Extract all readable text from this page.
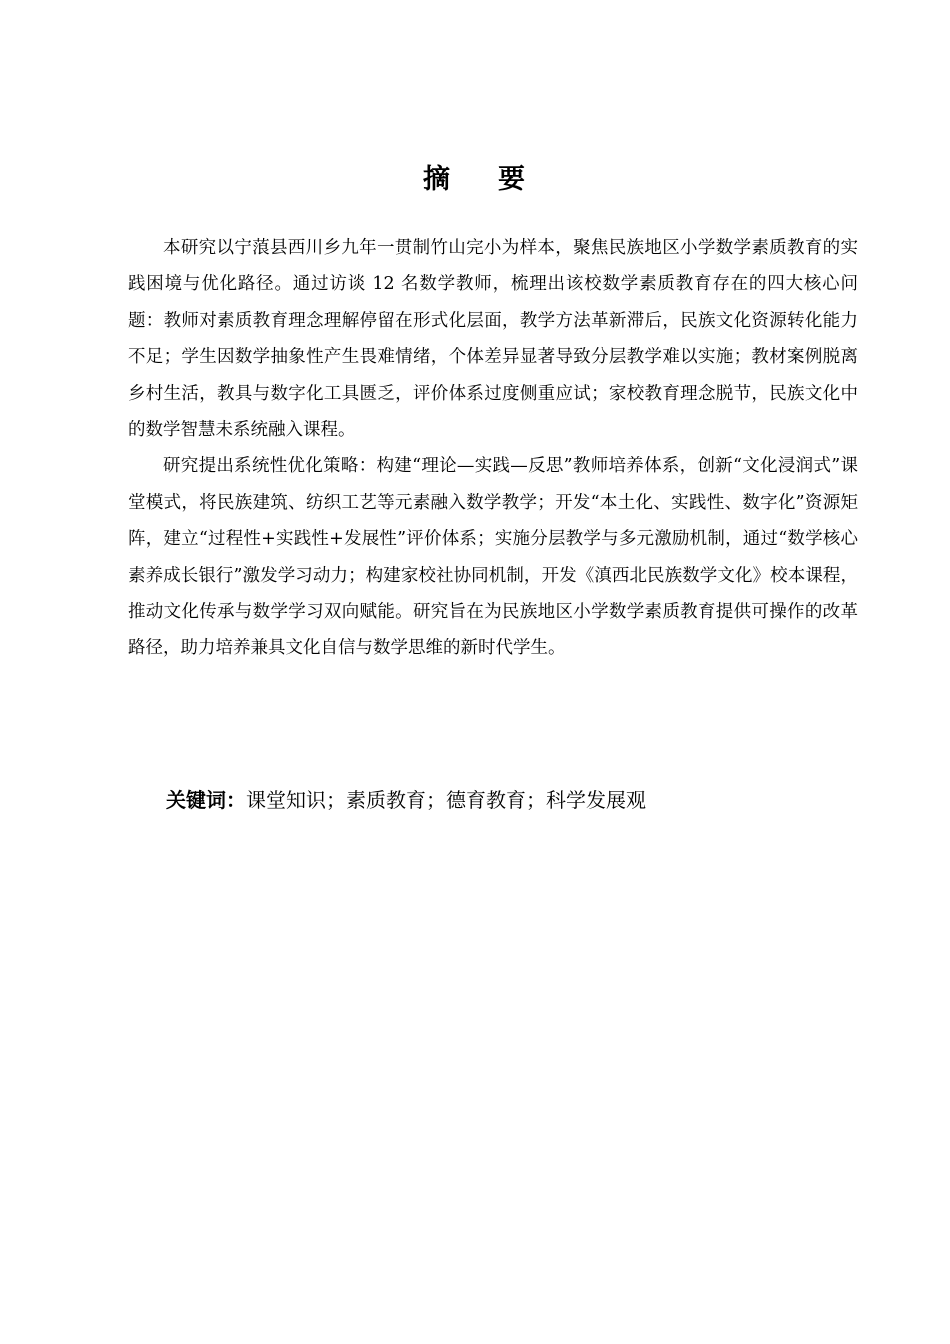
摘 要

本研究以宁蒗县西川乡九年一贯制竹山完小为样本，聚焦民族地区小学数学素质教育的实践困境与优化路径。通过访谈 12 名数学教师，梳理出该校数学素质教育存在的四大核心问题：教师对素质教育理念理解停留在形式化层面，教学方法革新滞后，民族文化资源转化能力不足；学生因数学抽象性产生畏难情绪，个体差异显著导致分层教学难以实施；教材案例脱离乡村生活，教具与数字化工具匮乏，评价体系过度侧重应试；家校教育理念脱节，民族文化中的数学智慧未系统融入课程。

研究提出系统性优化策略：构建“理论—实践—反思”教师培养体系，创新“文化浸润式”课堂模式，将民族建筑、纺织工艺等元素融入数学教学；开发“本土化、实践性、数字化”资源矩阵，建立“过程性+实践性+发展性”评价体系；实施分层教学与多元激励机制，通过“数学核心素养成长银行”激发学习动力；构建家校社协同机制，开发《滇西北民族数学文化》校本课程，推动文化传承与数学学习双向赋能。研究旨在为民族地区小学数学素质教育提供可操作的改革路径，助力培养兼具文化自信与数学思维的新时代学生。

关键词：课堂知识；素质教育；德育教育；科学发展观
